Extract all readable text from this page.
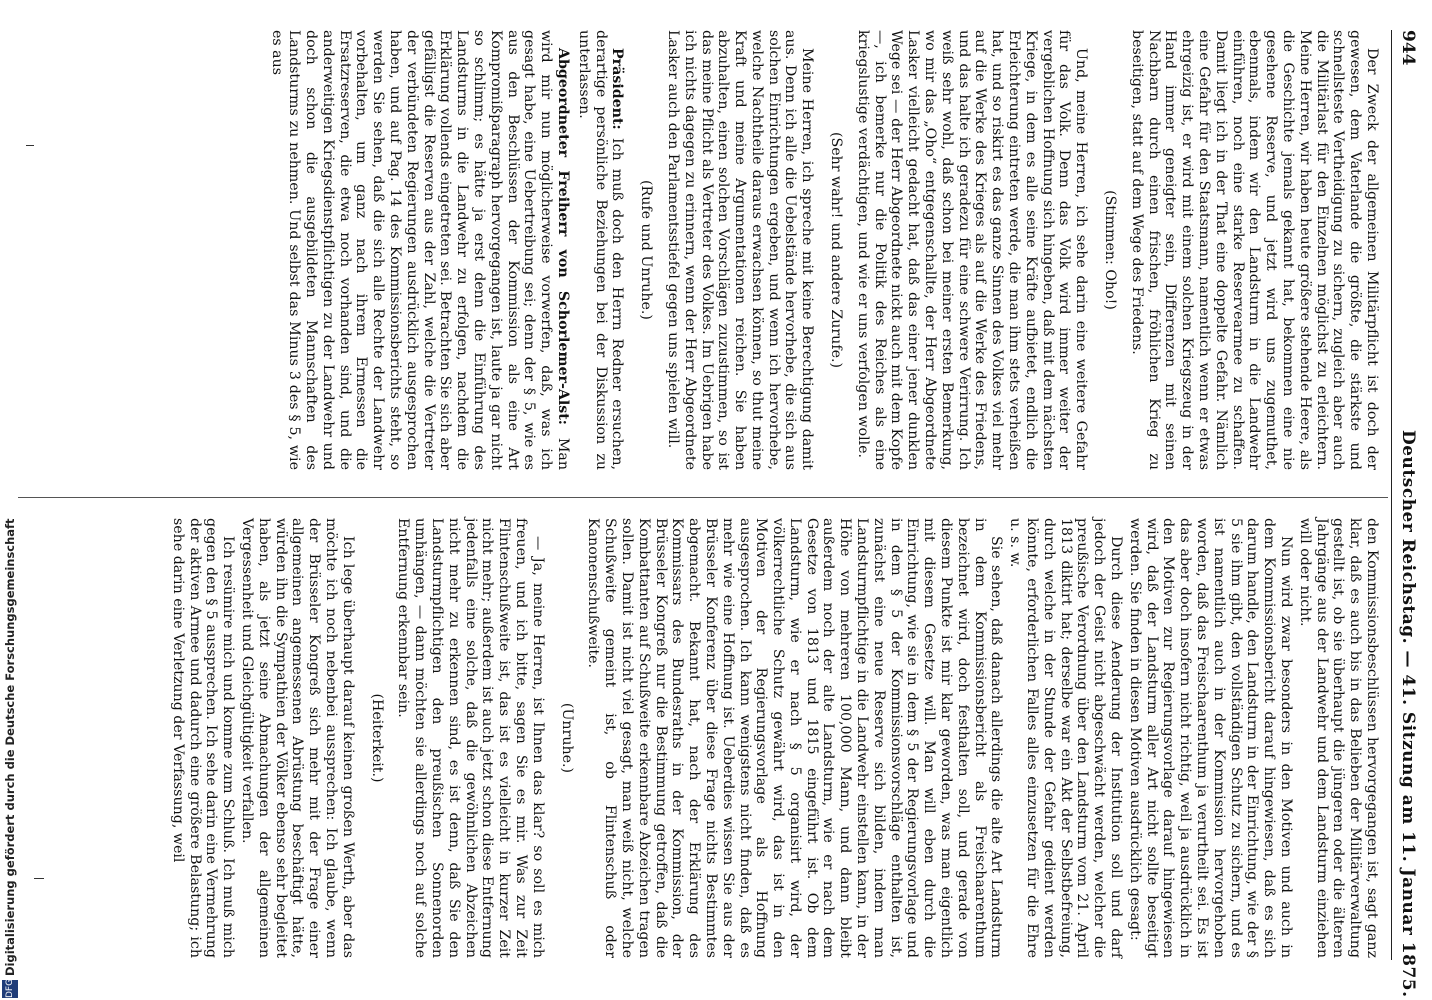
944
Deutscher Reichstag. — 41. Sitzung am 11. Januar 1875.

Der Zweck der allgemeinen Militärpflicht ist doch der gewesen, dem Vaterlande die größte, die stärkste und schnellsteste Vertheidigung zu sichern, zugleich aber auch die Militärlast für den Einzelnen möglichst zu erleichtern. Meine Herren, wir haben heute größere stehende Heere, als die Geschichte jemals gekannt hat, bekommen eine nie gesehene Reserve, und jetzt wird uns zugemuthet, ebenmals, indem wir den Landsturm in die Landwehr einführen, noch eine starke Reservearmee zu schaffen. Damit liegt ich in der That eine doppelte Gefahr. Nämlich eine Gefahr für den Staatsmann, namentlich wenn er etwas ehrgeizig ist, er wird mit einem solchen Kriegszeug in der Hand immer geneigter sein, Differenzen mit seinen Nachbarn durch einen frischen, fröhlichen Krieg zu beseitigen, statt auf dem Wege des Friedens.

(Stimmen: Oho!)

Und, meine Herren, ich sehe darin eine weitere Gefahr für das Volk. Denn das Volk wird immer weiter der vergeblichen Hoffnung sich hingeben, daß mit dem nächsten Kriege, in dem es alle seine Kräfte aufbietet, endlich die Erleichterung eintreten werde, die man ihm stets verheißen hat, und so riskirt es das ganze Sinnen des Volkes viel mehr auf die Werke des Krieges als auf die Werke des Friedens, und das halte ich geradezu für eine schwere Verirrung. Ich weiß sehr wohl, daß schon bei meiner ersten Bemerkung, wo mir das „Oho“ entgegenschallte, der Herr Abgeordnete Lasker vielleicht gedacht hat, daß das einer jener dunklen Wege sei — der Herr Abgeordnete nickt auch mit dem Kopfe —, ich bemerke nur die Politik des Reiches als eine kriegslustige verdächtigen, und wie er uns verfolgen wolle.

(Sehr wahr! und andere Zurufe.)

Meine Herren, ich spreche mit keine Berechtigung damit aus. Denn ich alle die Uebelstände hervorhebe, die sich aus solchen Einrichtungen ergeben, und wenn ich hervorhebe, welche Nachtheile daraus erwachsen können, so thut meine Kraft und meine Argumentationen reichen. Sie haben abzuhalten, einen solchen Vorschlägen zuzustimmen, so ist das meine Pflicht als Vertreter des Volkes. Im Uebrigen habe ich nichts dagegen zu erinnern, wenn der Herr Abgeordnete Lasker auch den Parlamentsstiefel gegen uns spielen will.

(Rufe und Unruhe.)

Präsident: Ich muß doch den Herrn Redner ersuchen, derartige persönliche Beziehungen bei der Diskussion zu unterlassen.

Abgeordneter Freiherr von Schorlemer-Alst: Man wird mir nun möglicherweise vorwerfen, daß, was ich gesagt habe, eine Uebertreibung sei; denn der § 5, wie es aus den Beschlüssen der Kommission als eine Art Kompromißparagraph hervorgegangen ist, laute ja gar nicht so schlimm; es hätte ja erst denn die Einführung des Landsturms in die Landwehr zu erfolgen, nachdem die Erklärung vollends eingetreten sei. Betrachten Sie sich aber gefälligst die Reserven aus der Zahl, welche die Vertreter der verbündeten Regierungen ausdrücklich ausgesprochen haben, und auf Pag. 14 des Kommissionsberichts steht, so werden Sie sehen, daß die sich alle Rechte der Landwehr vorbehalten, um ganz nach ihrem Ermessen die Ersatzreserven, die etwa noch vorhanden sind, und die anderweitigen Kriegsdienstpflichtigen zu der Landwehr und doch schon die ausgebildeten Mannschaften des Landsturms zu nehmen. Und selbst das Minus 3 des § 5, wie es aus

den Kommissionsbeschlüssen hervorgegangen ist, sagt ganz klar, daß es auch bis in das Belieben der Militärverwaltung gestellt ist, ob sie überhaupt die jüngeren oder die älteren Jahrgänge aus der Landwehr und dem Landsturm einziehen will oder nicht.

Nun wird zwar besonders in den Motiven und auch in dem Kommissionsbericht darauf hingewiesen, daß es sich darum handle, den Landsturm in der Einrichtung, wie der § 5 sie ihm gibt, den vollständigen Schutz zu sichern, und es ist namentlich auch in der Kommission hervorgehoben worden, daß das Freischaarenthum ja verurtheilt sei. Es ist das aber doch insofern nicht richtig, weil ja ausdrücklich in den Motiven zur Regierungsvorlage darauf hingewiesen wird, daß der Landsturm aller Art nicht sollte beseitigt werden. Sie finden in diesen Motiven ausdrücklich gesagt:

Durch diese Aenderung der Institution soll und darf jedoch der Geist nicht abgeschwächt werden, welcher die preußische Verordnung über den Landsturm vom 21. April 1813 diktirt hat; derselbe war ein Akt der Selbstbefreiung, durch welche in der Stunde der Gefahr gedient werden könnte, erforderlichen Falles alles einzusetzen für die Ehre u. s. w.

Sie sehen, daß danach allerdings die alte Art Landsturm in dem Kommissionsbericht als Freischaarenthum bezeichnet wird, doch festhalten soll, und gerade von diesem Punkte ist mir klar geworden, was man eigentlich mit diesem Gesetze will. Man will eben durch die Einrichtung, wie sie in dem § 5 der Regierungsvorlage und in dem § 5 der Kommissionsvorschläge enthalten ist, zunächst eine neue Reserve sich bilden, indem man Landsturmpflichtige in die Landwehr einstellen kann, in der Höhe von mehreren 100,000 Mann, und dann bleibt außerdem noch der alte Landsturm, wie er nach dem Gesetze von 1813 und 1815 eingeführt ist. Ob dem Landsturm, wie er nach § 5 organisirt wird, der völkerrechtliche Schutz gewährt wird, das ist in den Motiven der Regierungsvorlage als Hoffnung ausgesprochen. Ich kann wenigstens nicht finden, daß es mehr wie eine Hoffnung ist. Ueberdies wissen Sie aus der Brüsseler Konferenz über diese Frage nichts Bestimmtes abgemacht. Bekannt hat, nach der Erklärung des Kommissars des Bundesraths in der Kommission, der Brüsseler Kongreß nur die Bestimmung getroffen, daß die Kombattanten auf Schußweite erkennbare Abzeichen tragen sollen. Damit ist nicht viel gesagt, man weiß nicht, welche Schußweite gemeint ist, ob Flintenschuß oder Kanonenschußweite.

(Unruhe.)

— Ja, meine Herren, ist Ihnen das klar? so soll es mich freuen, und ich bitte, sagen Sie es mir. Was zur Zeit Flintenschußweite ist, das ist es vielleicht in kurzer Zeit nicht mehr; außerdem ist auch jetzt schon diese Entfernung jedenfalls eine solche, daß die gewöhnlichen Abzeichen nicht mehr zu erkennen sind, es ist denn, daß Sie den Landsturmpflichtigen den preußischen Sonnenorden umhängen, — dann möchten sie allerdings noch auf solche Entfernung erkennbar sein.

(Heiterkeit.)

Ich lege überhaupt darauf keinen großen Werth, aber das möchte ich noch nebenbei aussprechen: Ich glaube, wenn der Brüsseler Kongreß sich mehr mit der Frage einer allgemeinen angemessenen Abrüstung beschäftigt hätte, würden ihn die Sympathien der Völker ebenso sehr begleitet haben, als jetzt seine Abmachungen der allgemeinen Vergessenheit und Gleichgültigkeit verfallen.

Ich resümire mich und komme zum Schluß. Ich muß mich gegen den § 5 aussprechen. Ich sehe darin eine Vermehrung der aktiven Armee und dadurch eine größere Belastung; ich sehe darin eine Verletzung der Verfassung, weil

DFG
Digitalisierung gefördert durch die Deutsche Forschungsgemeinschaft
